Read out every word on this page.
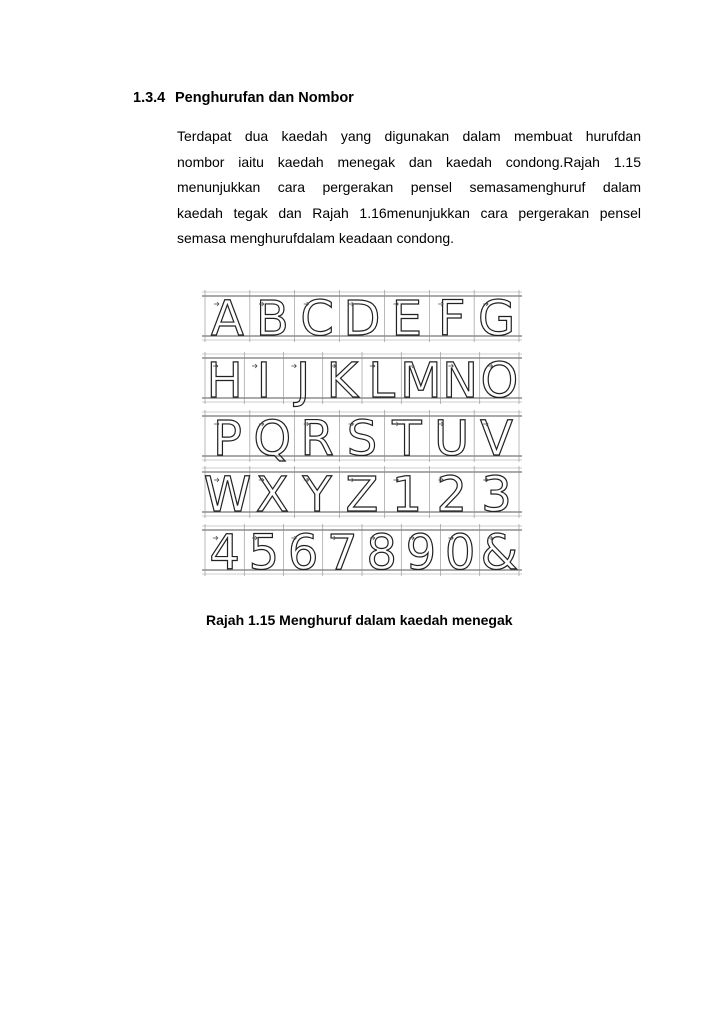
1.3.4 Penghurufan dan Nombor
Terdapat dua kaedah yang digunakan dalam membuat hurufdan
nombor iaitu kaedah menegak dan kaedah condong.Rajah 1.15
menunjukkan cara pergerakan pensel semasamenghuruf dalam
kaedah tegak dan Rajah 1.16menunjukkan cara pergerakan pensel
semasa menghurufdalam keadaan condong.
A B C D E F G
H I J K L M N O
P Q R S T U V
W X Y Z 1 2 3
4 5 6 7 8 9 0 &
Rajah 1.15 Menghuruf dalam kaedah menegak
